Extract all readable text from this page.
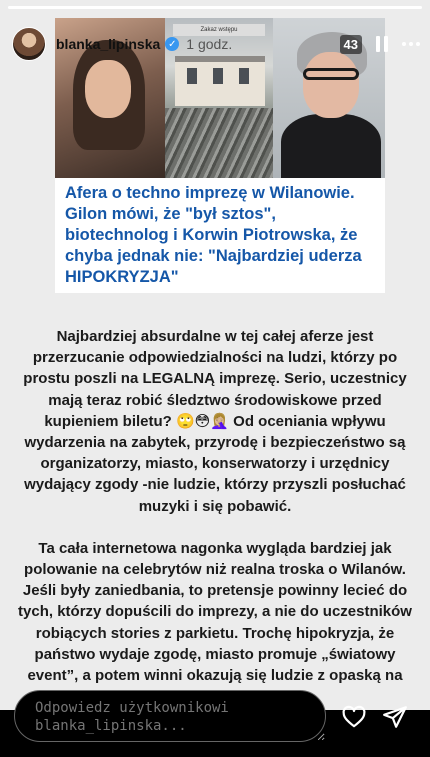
Zakaz wstępu
Afera o techno imprezę w Wilanowie. Gilon mówi, że "był sztos", biotechnolog i Korwin Piotrowska, że chyba jednak nie: "Najbardziej uderza HIPOKRYZJA"
blanka_lipinska ✓ 1 godz.	43

Najbardziej absurdalne w tej całej aferze jest przerzucanie odpowiedzialności na ludzi, którzy po prostu poszli na LEGALNĄ imprezę. Serio, uczestnicy mają teraz robić śledztwo środowiskowe przed kupieniem biletu? 🙄😳🤦🏼‍♀️ Od oceniania wpływu wydarzenia na zabytek, przyrodę i bezpieczeństwo są organizatorzy, miasto, konserwatorzy i urzędnicy wydający zgody -nie ludzie, którzy przyszli posłuchać muzyki i się pobawić.

Ta cała internetowa nagonka wygląda bardziej jak polowanie na celebrytów niż realna troska o Wilanów. Jeśli były zaniedbania, to pretensje powinny lecieć do tych, którzy dopuścili do imprezy, a nie do uczestników robiących stories z parkietu. Trochę hipokryzja, że państwo wydaje zgodę, miasto promuje „światowy event”, a potem winni okazują się ludzie z opaską na

Odpowiedz użytkownikowi blanka_lipinska...
